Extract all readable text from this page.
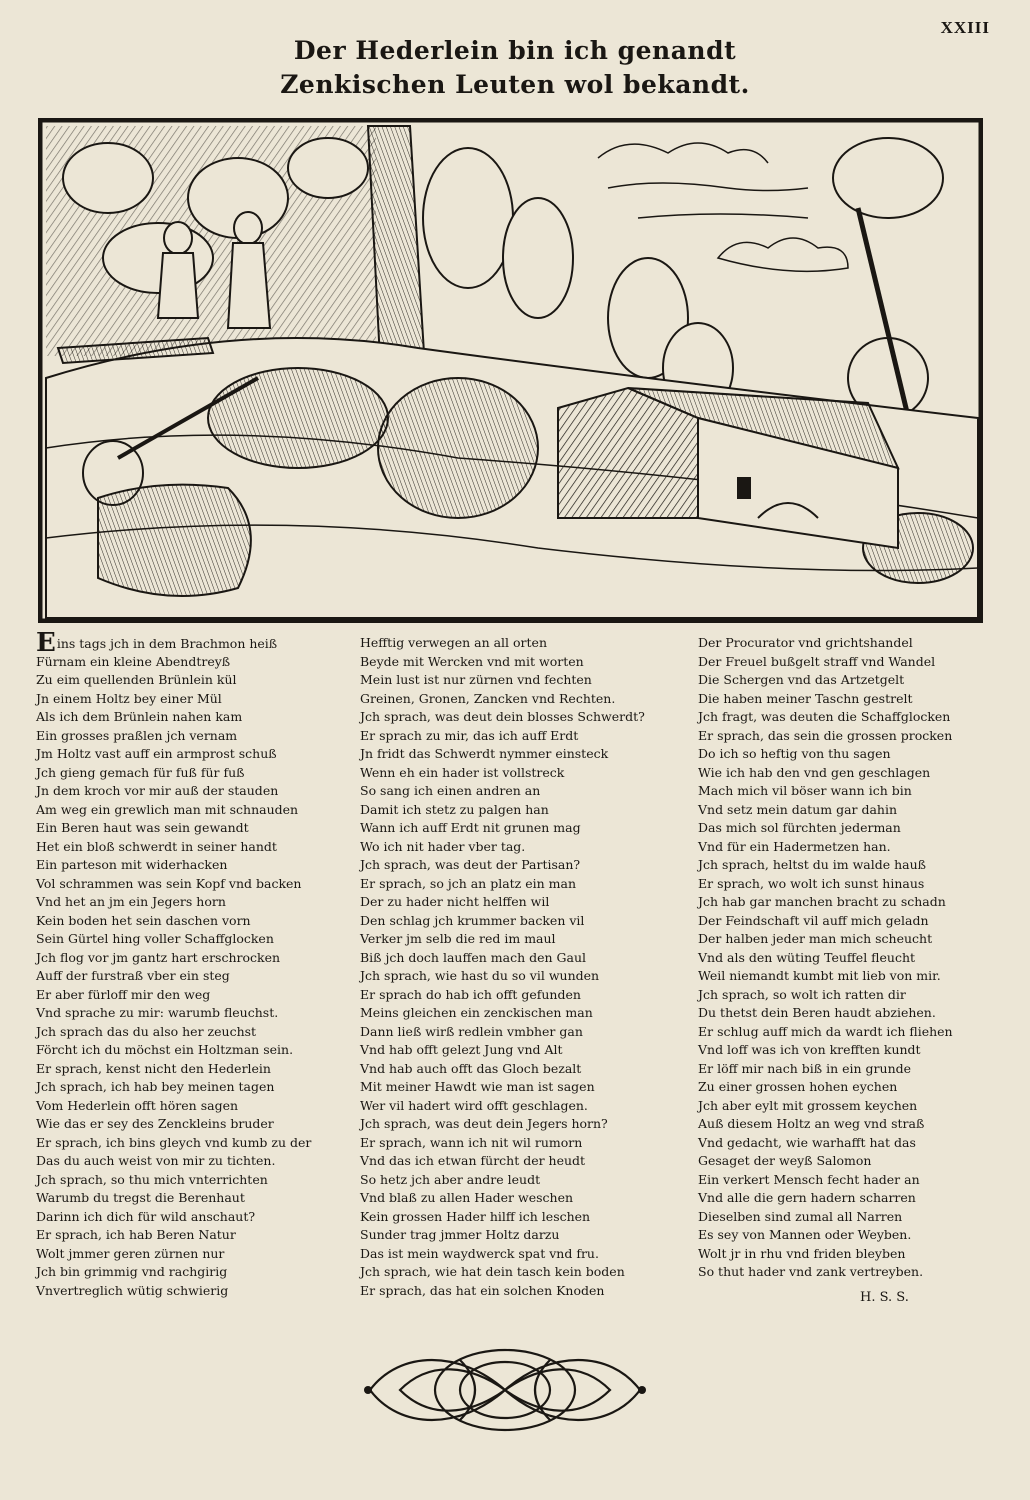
XXIII
Der Hederlein bin ich genandt
Zenkischen Leuten wol bekandt.
Eins tags jch in dem Brachmon heiß
Fürnam ein kleine Abendtreyß
Zu eim quellenden Brünlein kül
Jn einem Holtz bey einer Mül
Als ich dem Brünlein nahen kam
Ein grosses praßlen jch vernam
Jm Holtz vast auff ein armprost schuß
Jch gieng gemach für fuß für fuß
Jn dem kroch vor mir auß der stauden
Am weg ein grewlich man mit schnauden
Ein Beren haut was sein gewandt
Het ein bloß schwerdt in seiner handt
Ein parteson mit widerhacken
Vol schrammen was sein Kopf vnd backen
Vnd het an jm ein Jegers horn
Kein boden het sein daschen vorn
Sein Gürtel hing voller Schaffglocken
Jch flog vor jm gantz hart erschrocken
Auff der furstraß vber ein steg
Er aber fürloff mir den weg
Vnd sprache zu mir: warumb fleuchst.
Jch sprach das du also her zeuchst
Förcht ich du möchst ein Holtzman sein.
Er sprach, kenst nicht den Hederlein
Jch sprach, ich hab bey meinen tagen
Vom Hederlein offt hören sagen
Wie das er sey des Zenckleins bruder
Er sprach, ich bins gleych vnd kumb zu der
Das du auch weist von mir zu tichten.
Jch sprach, so thu mich vnterrichten
Warumb du tregst die Berenhaut
Darinn ich dich für wild anschaut?
Er sprach, ich hab Beren Natur
Wolt jmmer geren zürnen nur
Jch bin grimmig vnd rachgirig
Vnvertreglich wütig schwierig
Hefftig verwegen an all orten
Beyde mit Wercken vnd mit worten
Mein lust ist nur zürnen vnd fechten
Greinen, Gronen, Zancken vnd Rechten.
Jch sprach, was deut dein blosses Schwerdt?
Er sprach zu mir, das ich auff Erdt
Jn fridt das Schwerdt nymmer einsteck
Wenn eh ein hader ist vollstreck
So sang ich einen andren an
Damit ich stetz zu palgen han
Wann ich auff Erdt nit grunen mag
Wo ich nit hader vber tag.
Jch sprach, was deut der Partisan?
Er sprach, so jch an platz ein man
Der zu hader nicht helffen wil
Den schlag jch krummer backen vil
Verker jm selb die red im maul
Biß jch doch lauffen mach den Gaul
Jch sprach, wie hast du so vil wunden
Er sprach do hab ich offt gefunden
Meins gleichen ein zenckischen man
Dann ließ wirß redlein vmbher gan
Vnd hab offt gelezt Jung vnd Alt
Vnd hab auch offt das Gloch bezalt
Mit meiner Hawdt wie man ist sagen
Wer vil hadert wird offt geschlagen.
Jch sprach, was deut dein Jegers horn?
Er sprach, wann ich nit wil rumorn
Vnd das ich etwan fürcht der heudt
So hetz jch aber andre leudt
Vnd blaß zu allen Hader weschen
Kein grossen Hader hilff ich leschen
Sunder trag jmmer Holtz darzu
Das ist mein waydwerck spat vnd fru.
Jch sprach, wie hat dein tasch kein boden
Er sprach, das hat ein solchen Knoden
Der Procurator vnd grichtshandel
Der Freuel bußgelt straff vnd Wandel
Die Schergen vnd das Artzetgelt
Die haben meiner Taschn gestrelt
Jch fragt, was deuten die Schaffglocken
Er sprach, das sein die grossen procken
Do ich so heftig von thu sagen
Wie ich hab den vnd gen geschlagen
Mach mich vil böser wann ich bin
Vnd setz mein datum gar dahin
Das mich sol fürchten jederman
Vnd für ein Hadermetzen han.
Jch sprach, heltst du im walde hauß
Er sprach, wo wolt ich sunst hinaus
Jch hab gar manchen bracht zu schadn
Der Feindschaft vil auff mich geladn
Der halben jeder man mich scheucht
Vnd als den wüting Teuffel fleucht
Weil niemandt kumbt mit lieb von mir.
Jch sprach, so wolt ich ratten dir
Du thetst dein Beren haudt abziehen.
Er schlug auff mich da wardt ich fliehen
Vnd loff was ich von krefften kundt
Er löff mir nach biß in ein grunde
Zu einer grossen hohen eychen
Jch aber eylt mit grossem keychen
Auß diesem Holtz an weg vnd straß
Vnd gedacht, wie warhafft hat das
Gesaget der weyß Salomon
Ein verkert Mensch fecht hader an
Vnd alle die gern hadern scharren
Dieselben sind zumal all Narren
Es sey von Mannen oder Weyben.
Wolt jr in rhu vnd friden bleyben
So thut hader vnd zank vertreyben.
H. S. S.
